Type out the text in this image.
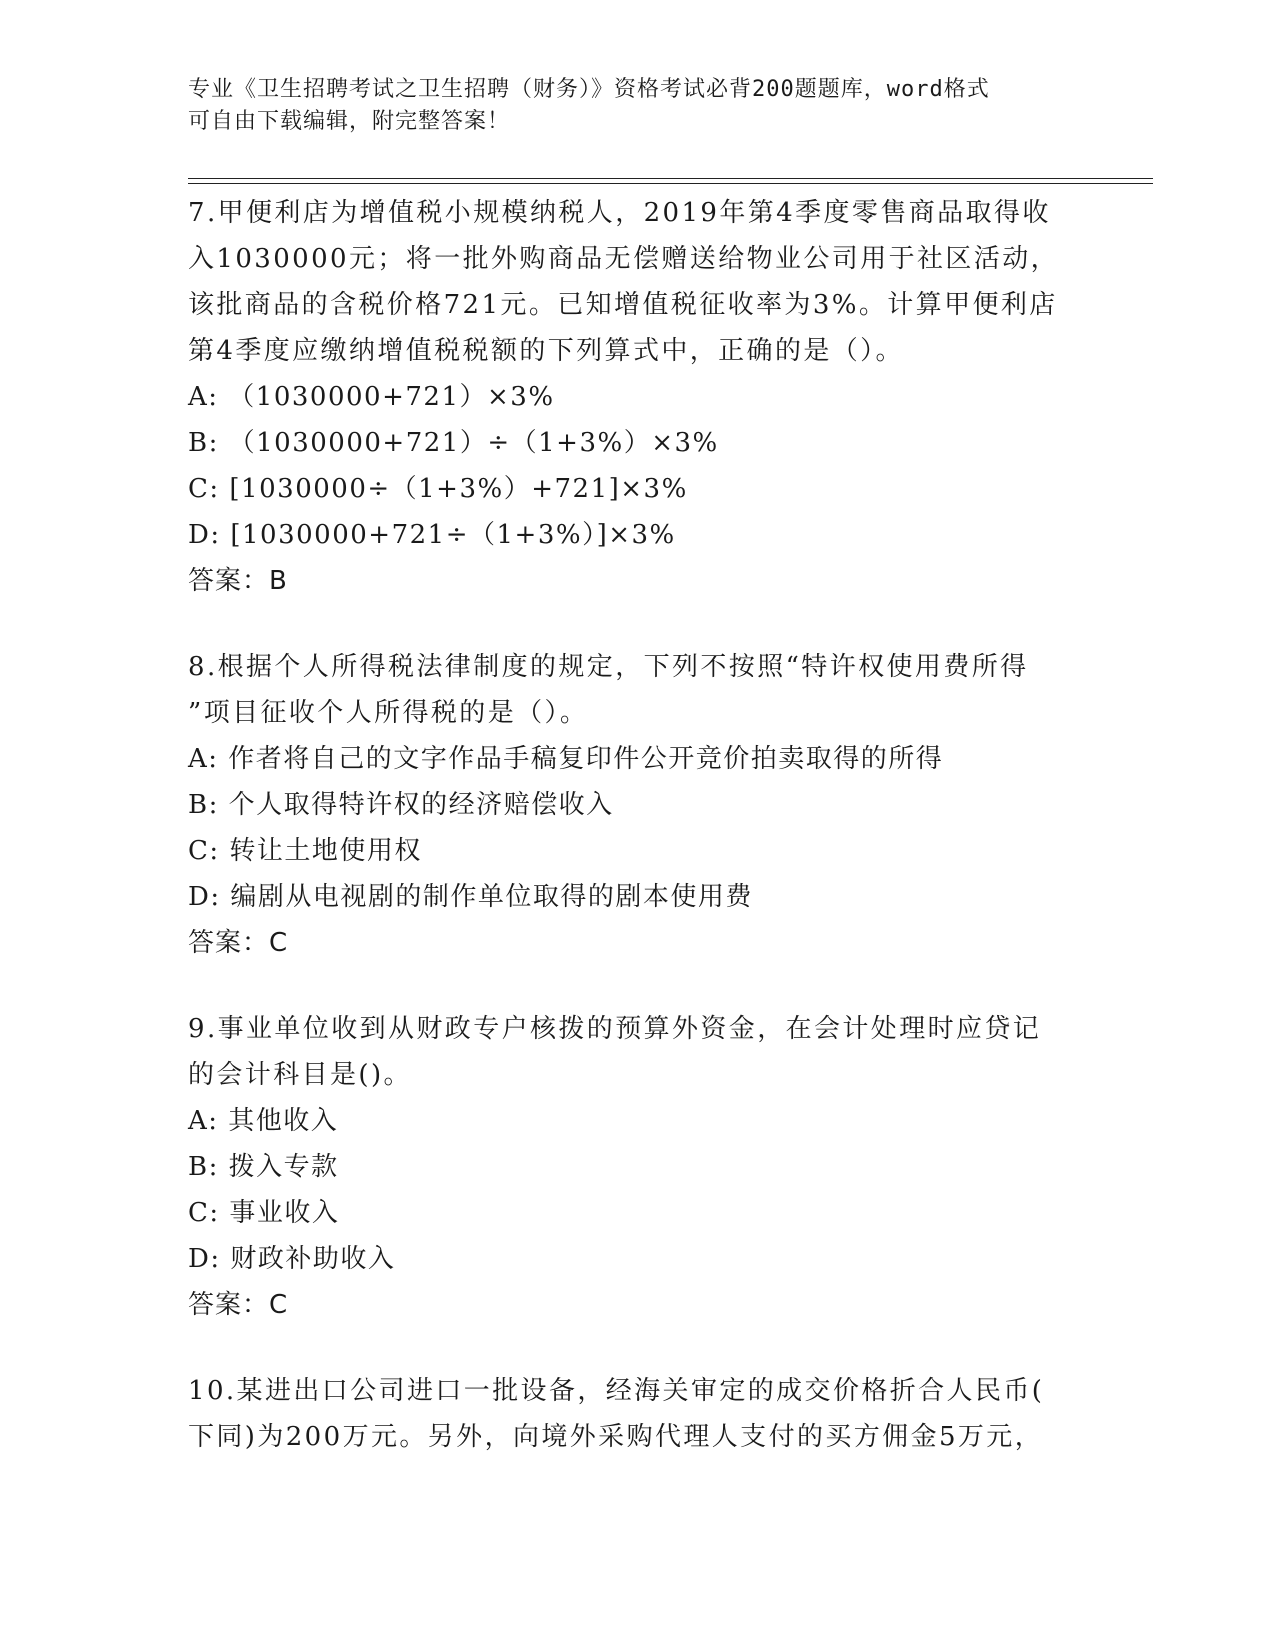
专业《卫生招聘考试之卫生招聘（财务）》资格考试必背200题题库，word格式
可自由下载编辑，附完整答案！
7.甲便利店为增值税小规模纳税人，2019年第4季度零售商品取得收
入1030000元；将一批外购商品无偿赠送给物业公司用于社区活动，
该批商品的含税价格721元。已知增值税征收率为3%。计算甲便利店
第4季度应缴纳增值税税额的下列算式中，正确的是（）。
A: （1030000+721）×3%
B: （1030000+721）÷（1+3%）×3%
C: [1030000÷（1+3%）+721]×3%
D: [1030000+721÷（1+3%）]×3%
答案：B
8.根据个人所得税法律制度的规定，下列不按照“特许权使用费所得
”项目征收个人所得税的是（）。
A: 作者将自己的文字作品手稿复印件公开竞价拍卖取得的所得
B: 个人取得特许权的经济赔偿收入
C: 转让土地使用权
D: 编剧从电视剧的制作单位取得的剧本使用费
答案：C
9.事业单位收到从财政专户核拨的预算外资金，在会计处理时应贷记
的会计科目是()。
A: 其他收入
B: 拨入专款
C: 事业收入
D: 财政补助收入
答案：C
10.某进出口公司进口一批设备，经海关审定的成交价格折合人民币(
下同)为200万元。另外，向境外采购代理人支付的买方佣金5万元，
